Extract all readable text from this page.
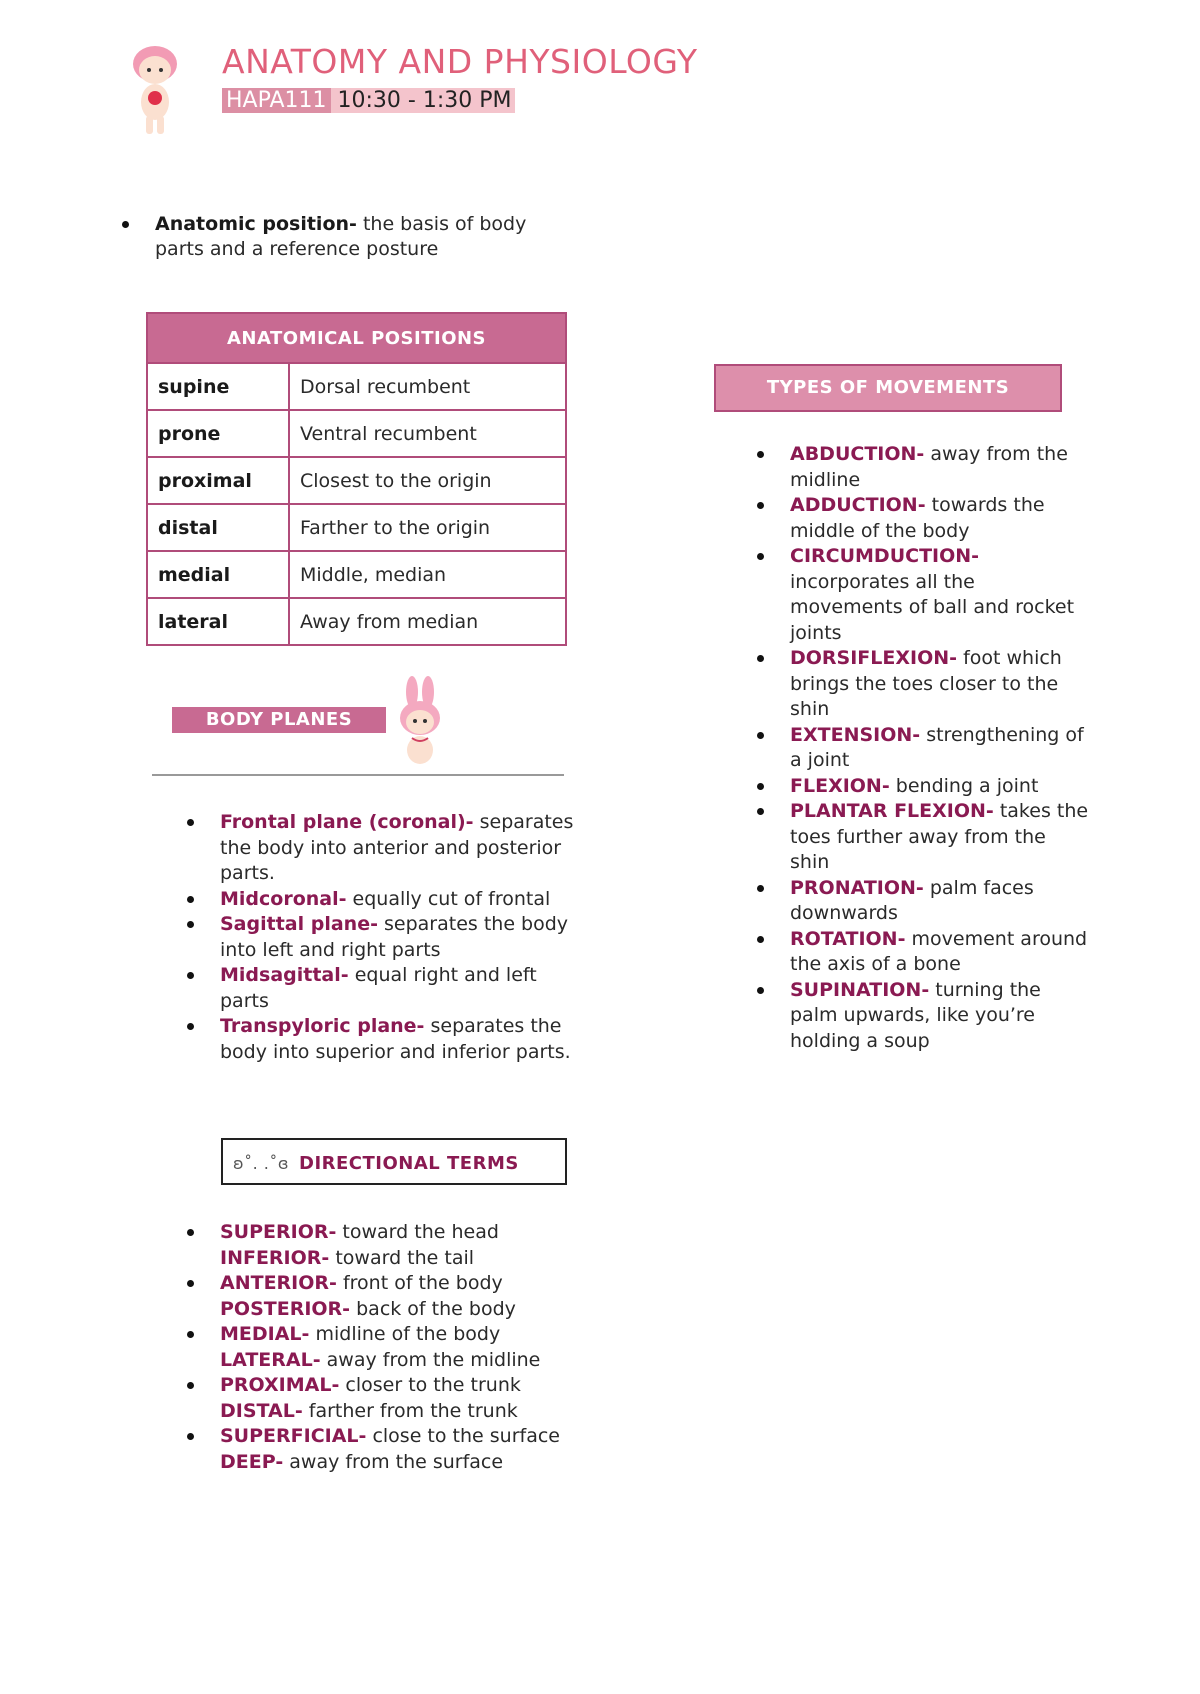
ANATOMY AND PHYSIOLOGY
HAPA111 10:30 - 1:30 PM
Anatomic position- the basis of body parts and a reference posture
ANATOMICAL POSITIONS	
supine	Dorsal recumbent
prone	Ventral recumbent
proximal	Closest to the origin
distal	Farther to the origin
medial	Middle, median
lateral	Away from median
BODY PLANES
Frontal plane (coronal)- separates the body into anterior and posterior parts.
Midcoronal- equally cut of frontal
Sagittal plane- separates the body into left and right parts
Midsagittal- equal right and left parts
Transpyloric plane- separates the body into superior and inferior parts.
ʚ˚. .˚ɞ DIRECTIONAL TERMS
SUPERIOR- toward the head
INFERIOR- toward the tail
ANTERIOR- front of the body
POSTERIOR- back of the body
MEDIAL- midline of the body
LATERAL- away from the midline
PROXIMAL- closer to the trunk
DISTAL- farther from the trunk
SUPERFICIAL- close to the surface
DEEP- away from the surface
TYPES OF MOVEMENTS
ABDUCTION- away from the midline
ADDUCTION- towards the middle of the body
CIRCUMDUCTION- incorporates all the movements of ball and rocket joints
DORSIFLEXION- foot which brings the toes closer to the shin
EXTENSION- strengthening of a joint
FLEXION- bending a joint
PLANTAR FLEXION- takes the toes further away from the shin
PRONATION- palm faces downwards
ROTATION- movement around the axis of a bone
SUPINATION- turning the palm upwards, like you’re holding a soup
